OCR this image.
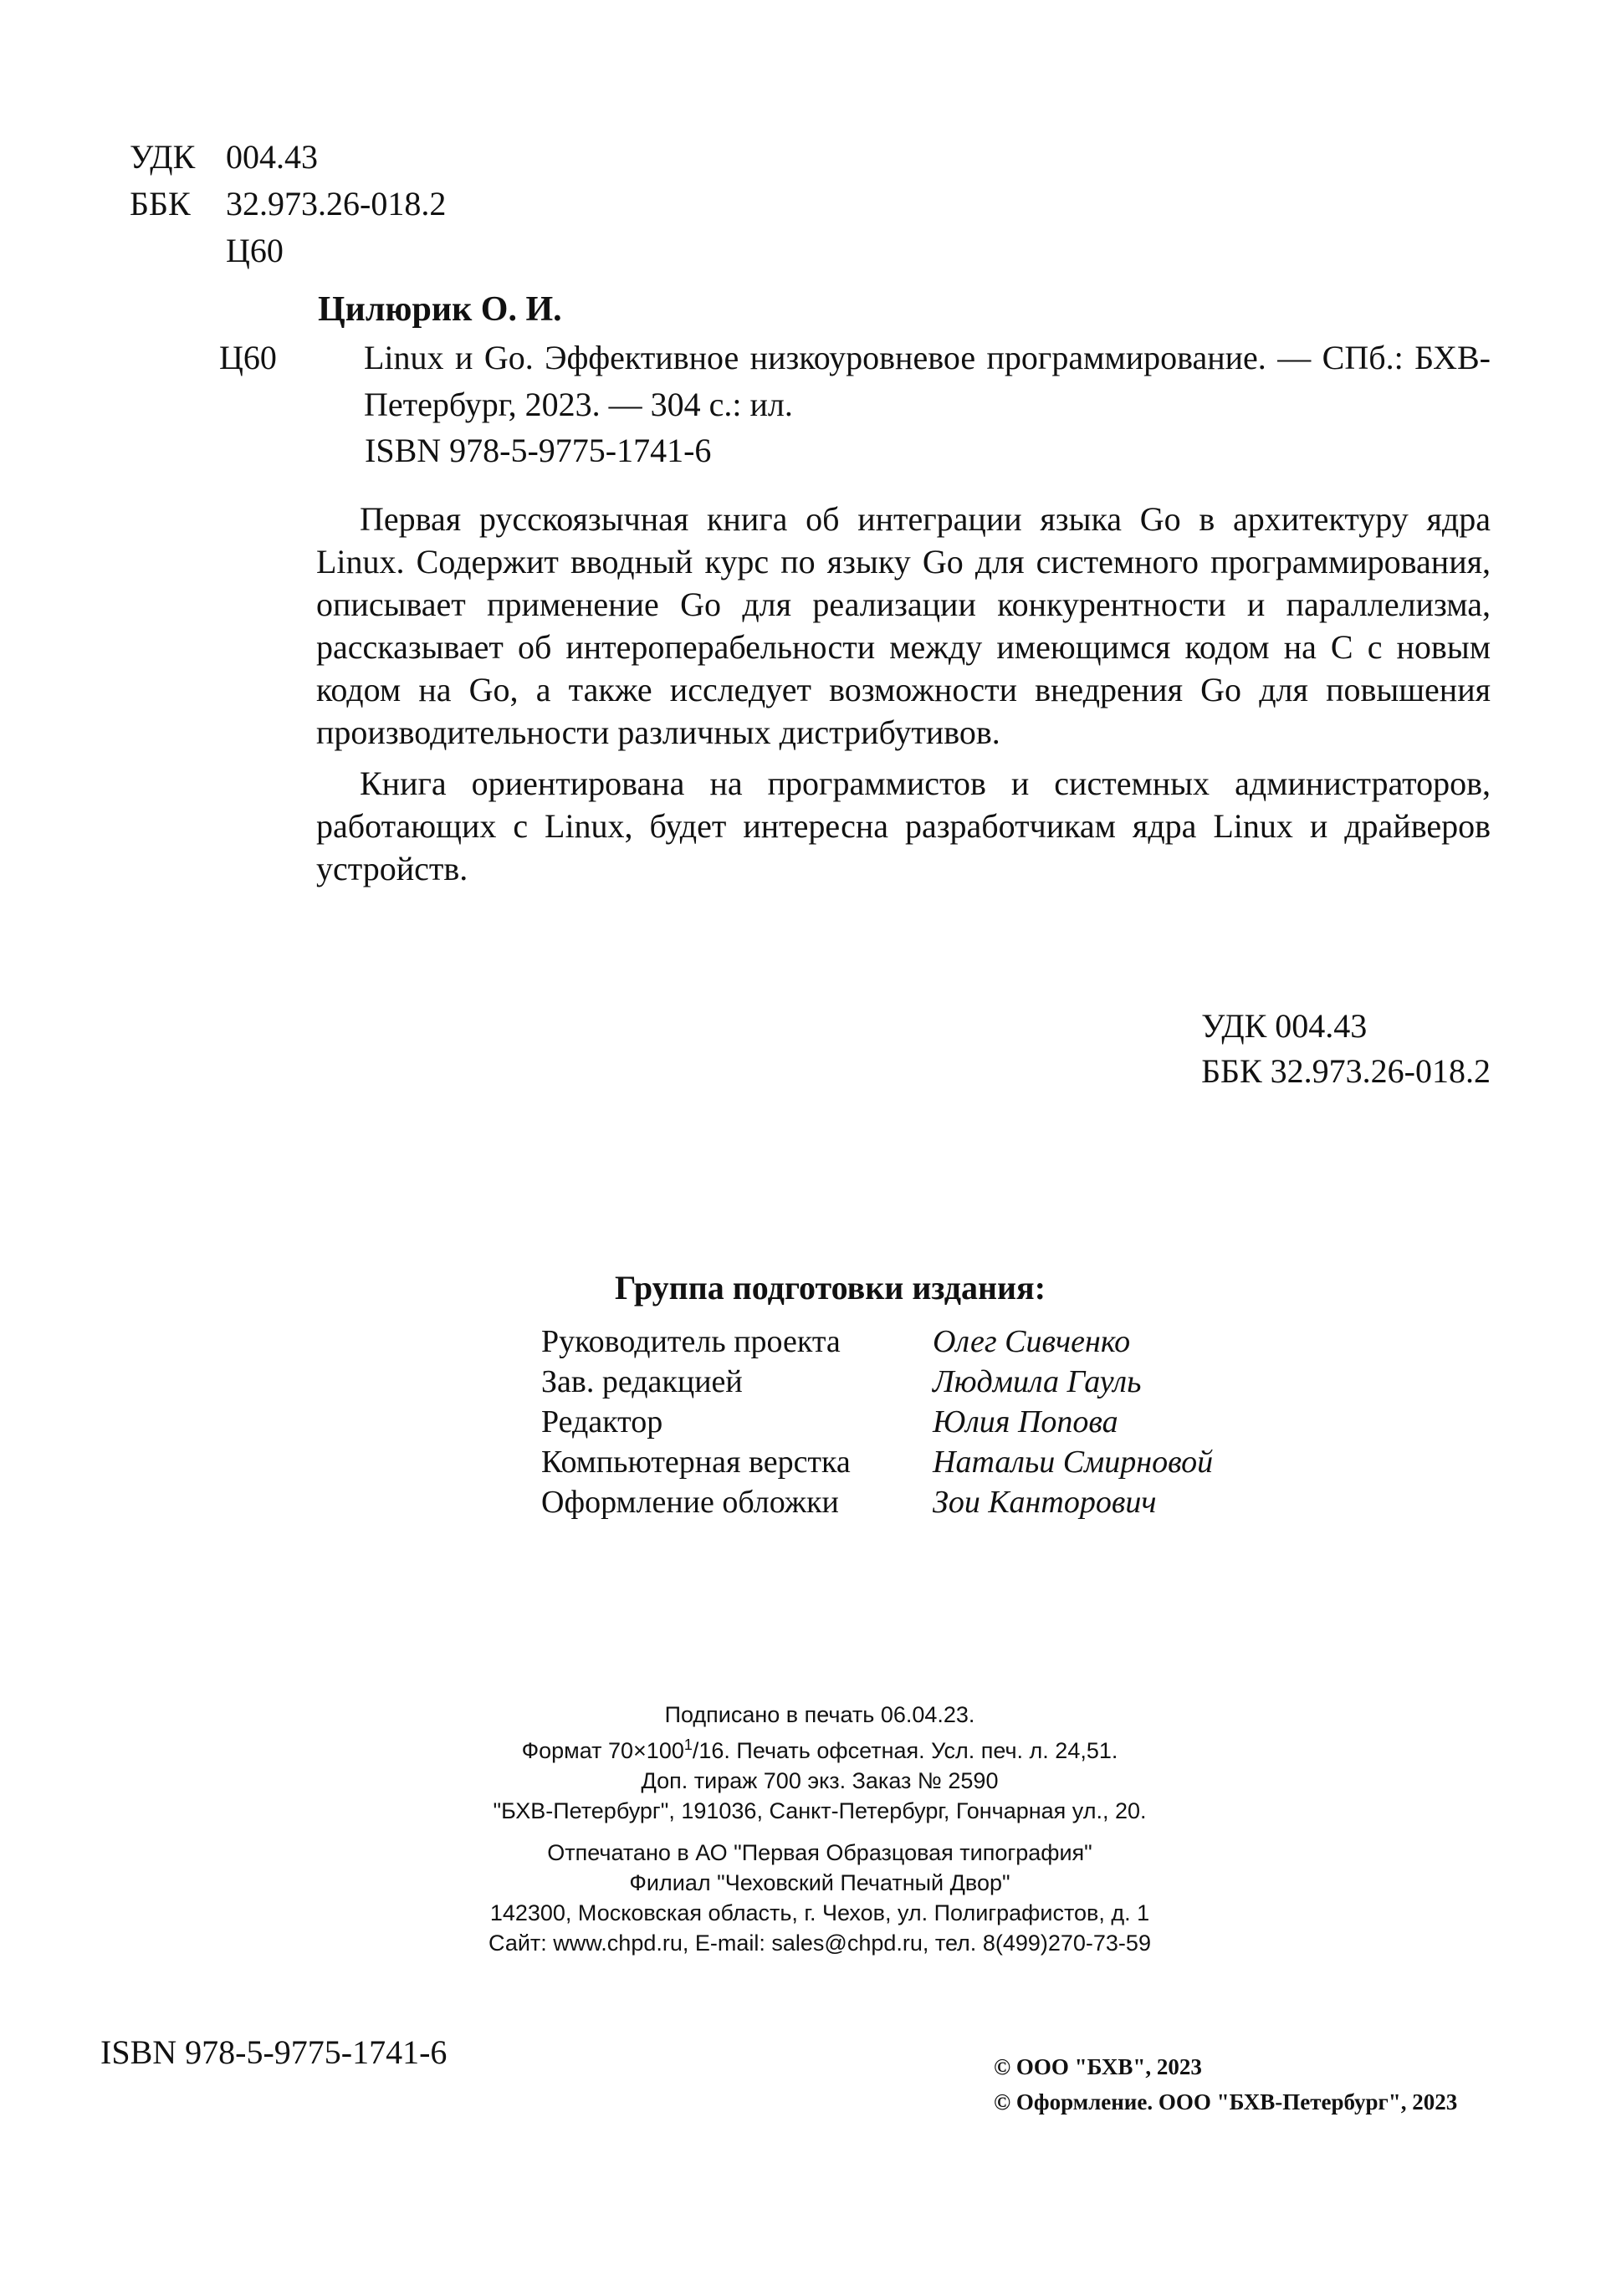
УДК 004.43
ББК	32.973.26-018.2
Ц60
Цилюрик О. И.
Ц60	Linux и Go. Эффективное низкоуровневое программирование. — СПб.: БХВ-Петербург, 2023. — 304 с.: ил.
ISBN 978-5-9775-1741-6

Первая русскоязычная книга об интеграции языка Go в архитектуру ядра Linux. Содержит вводный курс по языку Go для системного программирования, описывает применение Go для реализации конкурентности и параллелизма, рассказывает об интероперабельности между имеющимся кодом на C с новым кодом на Go, а также исследует возможности внедрения Go для повышения производительности различных дистрибутивов.

Книга ориентирована на программистов и системных администраторов, работающих с Linux, будет интересна разработчикам ядра Linux и драйверов устройств.

УДК 004.43
ББК 32.973.26-018.2
Группа подготовки издания:
Руководитель проекта	Олег Сивченко
Зав. редакцией	Людмила Гауль
Редактор	Юлия Попова
Компьютерная верстка	Натальи Смирновой
Оформление обложки	Зои Канторович
Подписано в печать 06.04.23.
Формат $70\times 100^1/16$. Печать офсетная. Усл. печ. л. 24,51.
Доп. тираж 700 экз. Заказ № 2590
"БХВ-Петербург", 191036, Санкт-Петербург, Гончарная ул., 20.
Отпечатано в АО "Первая Образцовая типография"
Филиал "Чеховский Печатный Двор"
142300, Московская область, г. Чехов, ул. Полиграфистов, д. 1
Сайт: www.chpd.ru, E-mail: sales@chpd.ru, тел. 8(499)270-73-59
ISBN 978-5-9775-1741-6	© ООО "БХВ", 2023
© Оформление. ООО "БХВ-Петербург", 2023
